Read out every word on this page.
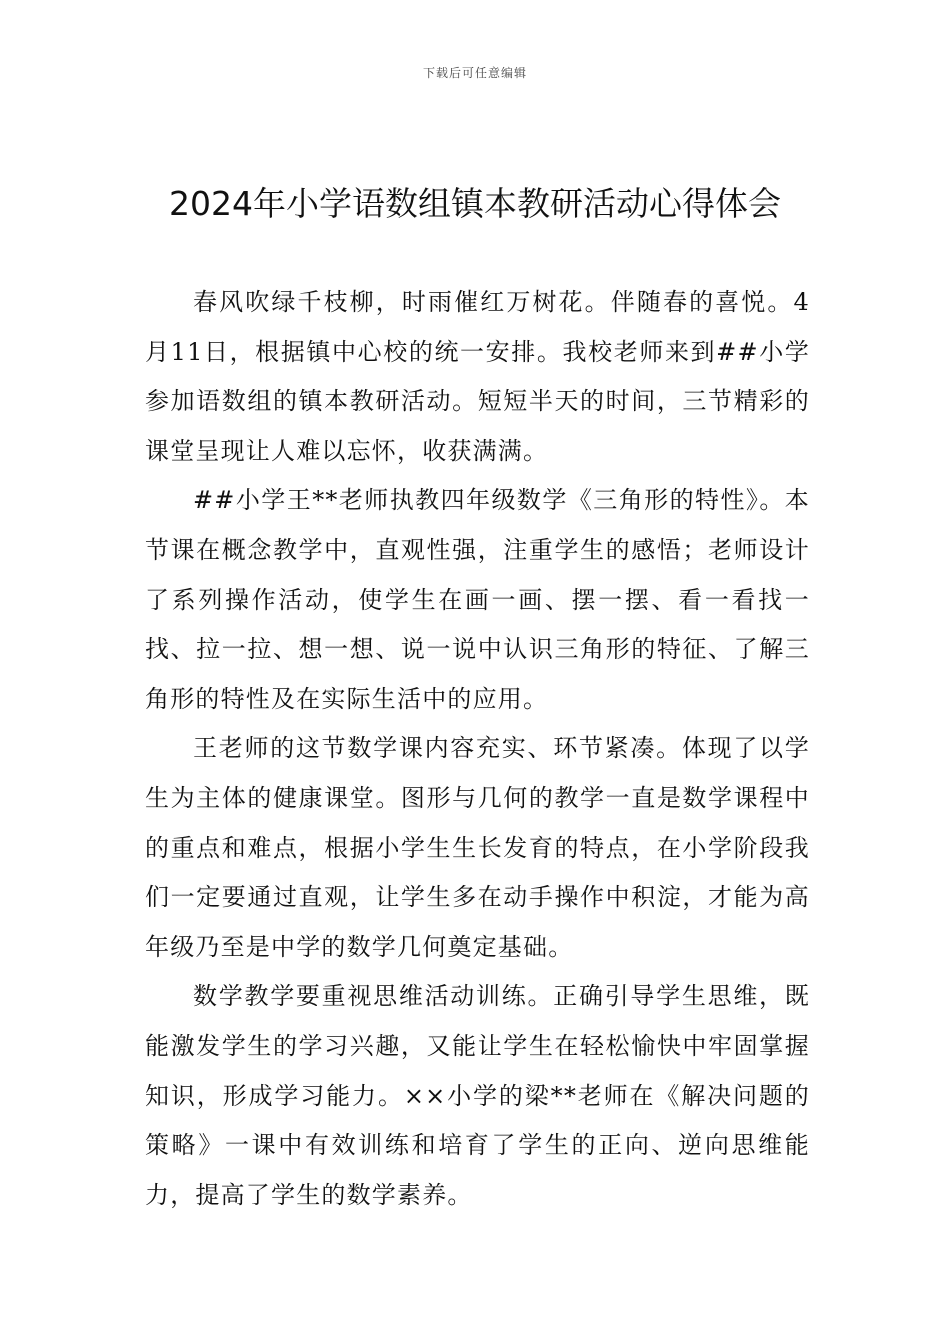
下载后可任意编辑
2024年小学语数组镇本教研活动心得体会

春风吹绿千枝柳，时雨催红万树花。伴随春的喜悦。4月11日，根据镇中心校的统一安排。我校老师来到##小学参加语数组的镇本教研活动。短短半天的时间，三节精彩的课堂呈现让人难以忘怀，收获满满。

##小学王**老师执教四年级数学《三角形的特性》。本节课在概念教学中，直观性强，注重学生的感悟；老师设计了系列操作活动，使学生在画一画、摆一摆、看一看找一找、拉一拉、想一想、说一说中认识三角形的特征、了解三角形的特性及在实际生活中的应用。

王老师的这节数学课内容充实、环节紧凑。体现了以学生为主体的健康课堂。图形与几何的教学一直是数学课程中的重点和难点，根据小学生生长发育的特点，在小学阶段我们一定要通过直观，让学生多在动手操作中积淀，才能为高年级乃至是中学的数学几何奠定基础。

数学教学要重视思维活动训练。正确引导学生思维，既能激发学生的学习兴趣，又能让学生在轻松愉快中牢固掌握知识，形成学习能力。××小学的梁**老师在《解决问题的策略》一课中有效训练和培育了学生的正向、逆向思维能力，提高了学生的数学素养。
